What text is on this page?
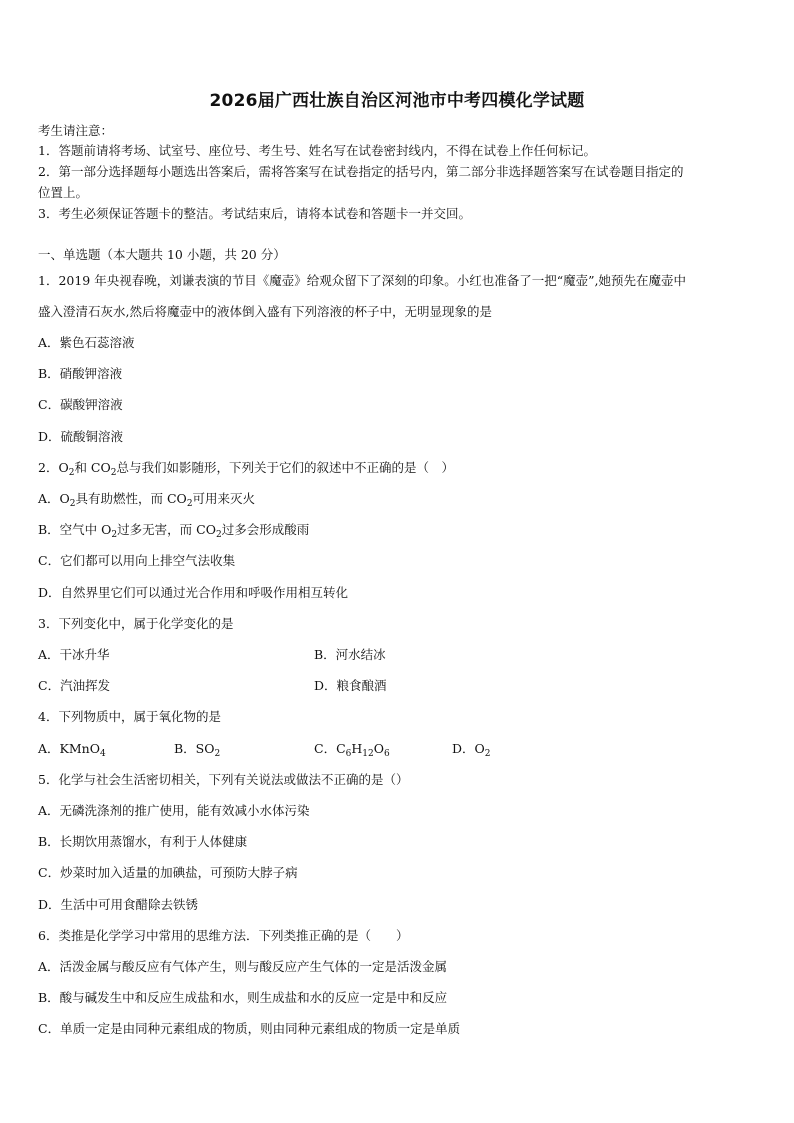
2026届广西壮族自治区河池市中考四模化学试题
考生请注意：
1．答题前请将考场、试室号、座位号、考生号、姓名写在试卷密封线内，不得在试卷上作任何标记。
2．第一部分选择题每小题选出答案后，需将答案写在试卷指定的括号内，第二部分非选择题答案写在试卷题目指定的
位置上。
3．考生必须保证答题卡的整洁。考试结束后，请将本试卷和答题卡一并交回。
一、单选题（本大题共 10 小题，共 20 分）
1．2019 年央视春晚，刘谦表演的节目《魔壶》给观众留下了深刻的印象。小红也准备了一把“魔壶”,她预先在魔壶中
盛入澄清石灰水,然后将魔壶中的液体倒入盛有下列溶液的杯子中，无明显现象的是
A．紫色石蕊溶液
B．硝酸钾溶液
C．碳酸钾溶液
D．硫酸铜溶液
2．$O_2$和 $CO_2$总与我们如影随形，下列关于它们的叙述中不正确的是（　）
A．$O_2$具有助燃性，而 $CO_2$可用来灭火
B．空气中 $O_2$过多无害，而 $CO_2$过多会形成酸雨
C．它们都可以用向上排空气法收集
D．自然界里它们可以通过光合作用和呼吸作用相互转化
3．下列变化中，属于化学变化的是
A．干冰升华	B．河水结冰
C．汽油挥发	D．粮食酿酒
4．下列物质中，属于氧化物的是
A．KMnO$_4$	B．$SO_2$	C．$C_6H_{12}O_6$	D．$O_2$
5．化学与社会生活密切相关，下列有关说法或做法不正确的是（）
A．无磷洗涤剂的推广使用，能有效减小水体污染
B．长期饮用蒸馏水，有利于人体健康
C．炒菜时加入适量的加碘盐，可预防大脖子病
D．生活中可用食醋除去铁锈
6．类推是化学学习中常用的思维方法．下列类推正确的是（　　）
A．活泼金属与酸反应有气体产生，则与酸反应产生气体的一定是活泼金属
B．酸与碱发生中和反应生成盐和水，则生成盐和水的反应一定是中和反应
C．单质一定是由同种元素组成的物质，则由同种元素组成的物质一定是单质
